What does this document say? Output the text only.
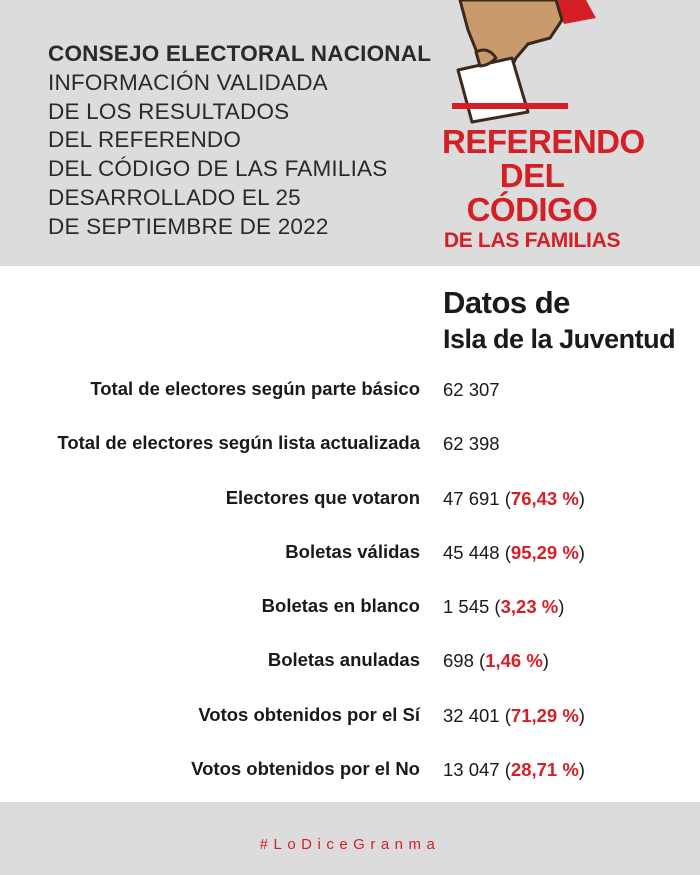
CONSEJO ELECTORAL NACIONAL
INFORMACIÓN VALIDADA
DE LOS RESULTADOS
DEL REFERENDO
DEL CÓDIGO DE LAS FAMILIAS
DESARROLLADO EL 25
DE SEPTIEMBRE DE 2022
REFERENDO
DEL CÓDIGO
DE LAS FAMILIAS
Datos de
Isla de la Juventud
Total de electores según parte básico 62 307
Total de electores según lista actualizada 62 398
Electores que votaron 47 691 (76,43 %)
Boletas válidas 45 448 (95,29 %)
Boletas en blanco 1 545 (3,23 %)
Boletas anuladas 698 (1,46 %)
Votos obtenidos por el Sí 32 401 (71,29 %)
Votos obtenidos por el No 13 047 (28,71 %)
#LoDiceGranma
